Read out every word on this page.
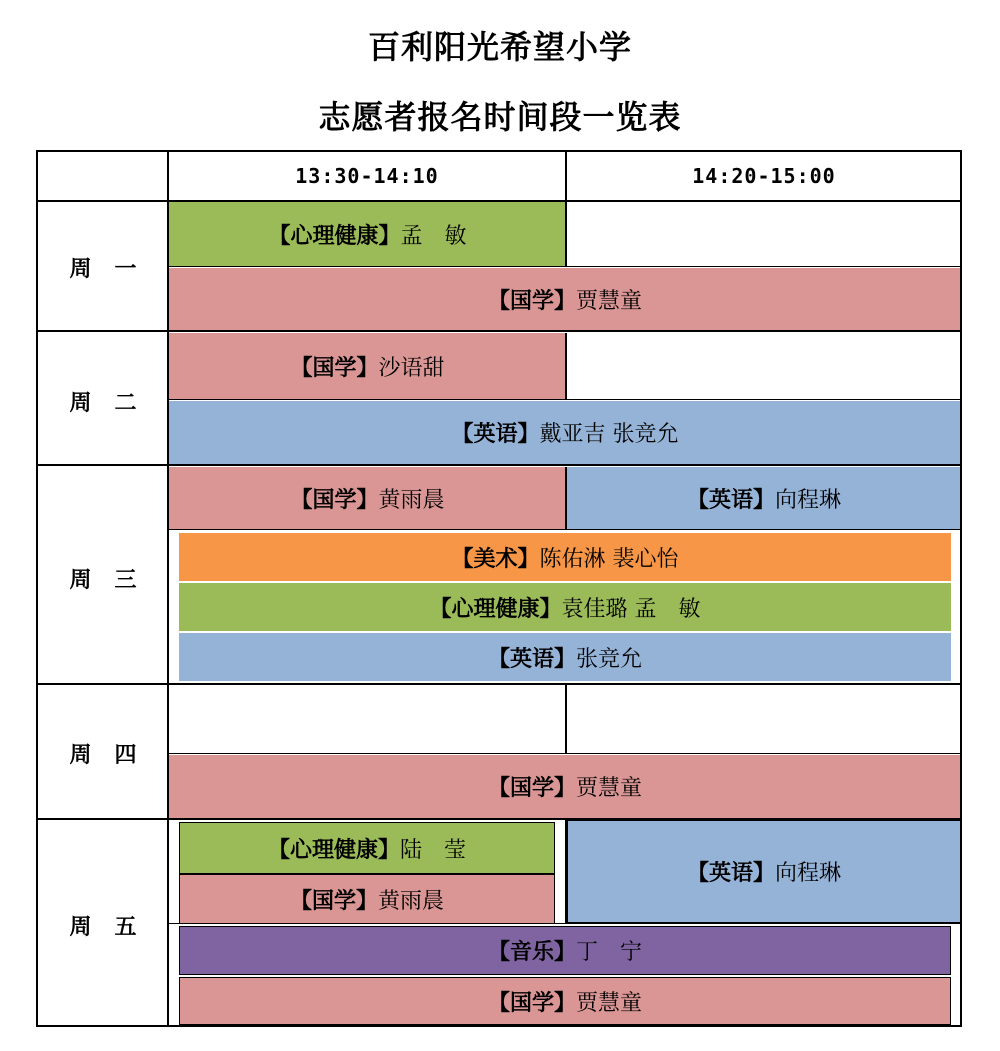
百利阳光希望小学
志愿者报名时间段一览表
【心理健康】 孟　敏
【国学】 贾慧童
【国学】 沙语甜
【英语】 戴亚吉 张竞允
【国学】 黄雨晨	【英语】 向程琳
【美术】 陈佑淋 裴心怡
【心理健康】 袁佳璐 孟　敏
【英语】 张竞允
【国学】 贾慧童
【心理健康】 陆　莹
【国学】 黄雨晨
【英语】 向程琳
【音乐】 丁　宁
【国学】 贾慧童
13:30-14:10	14:20-15:00
周 一
周 二
周 三
周 四
周 五
